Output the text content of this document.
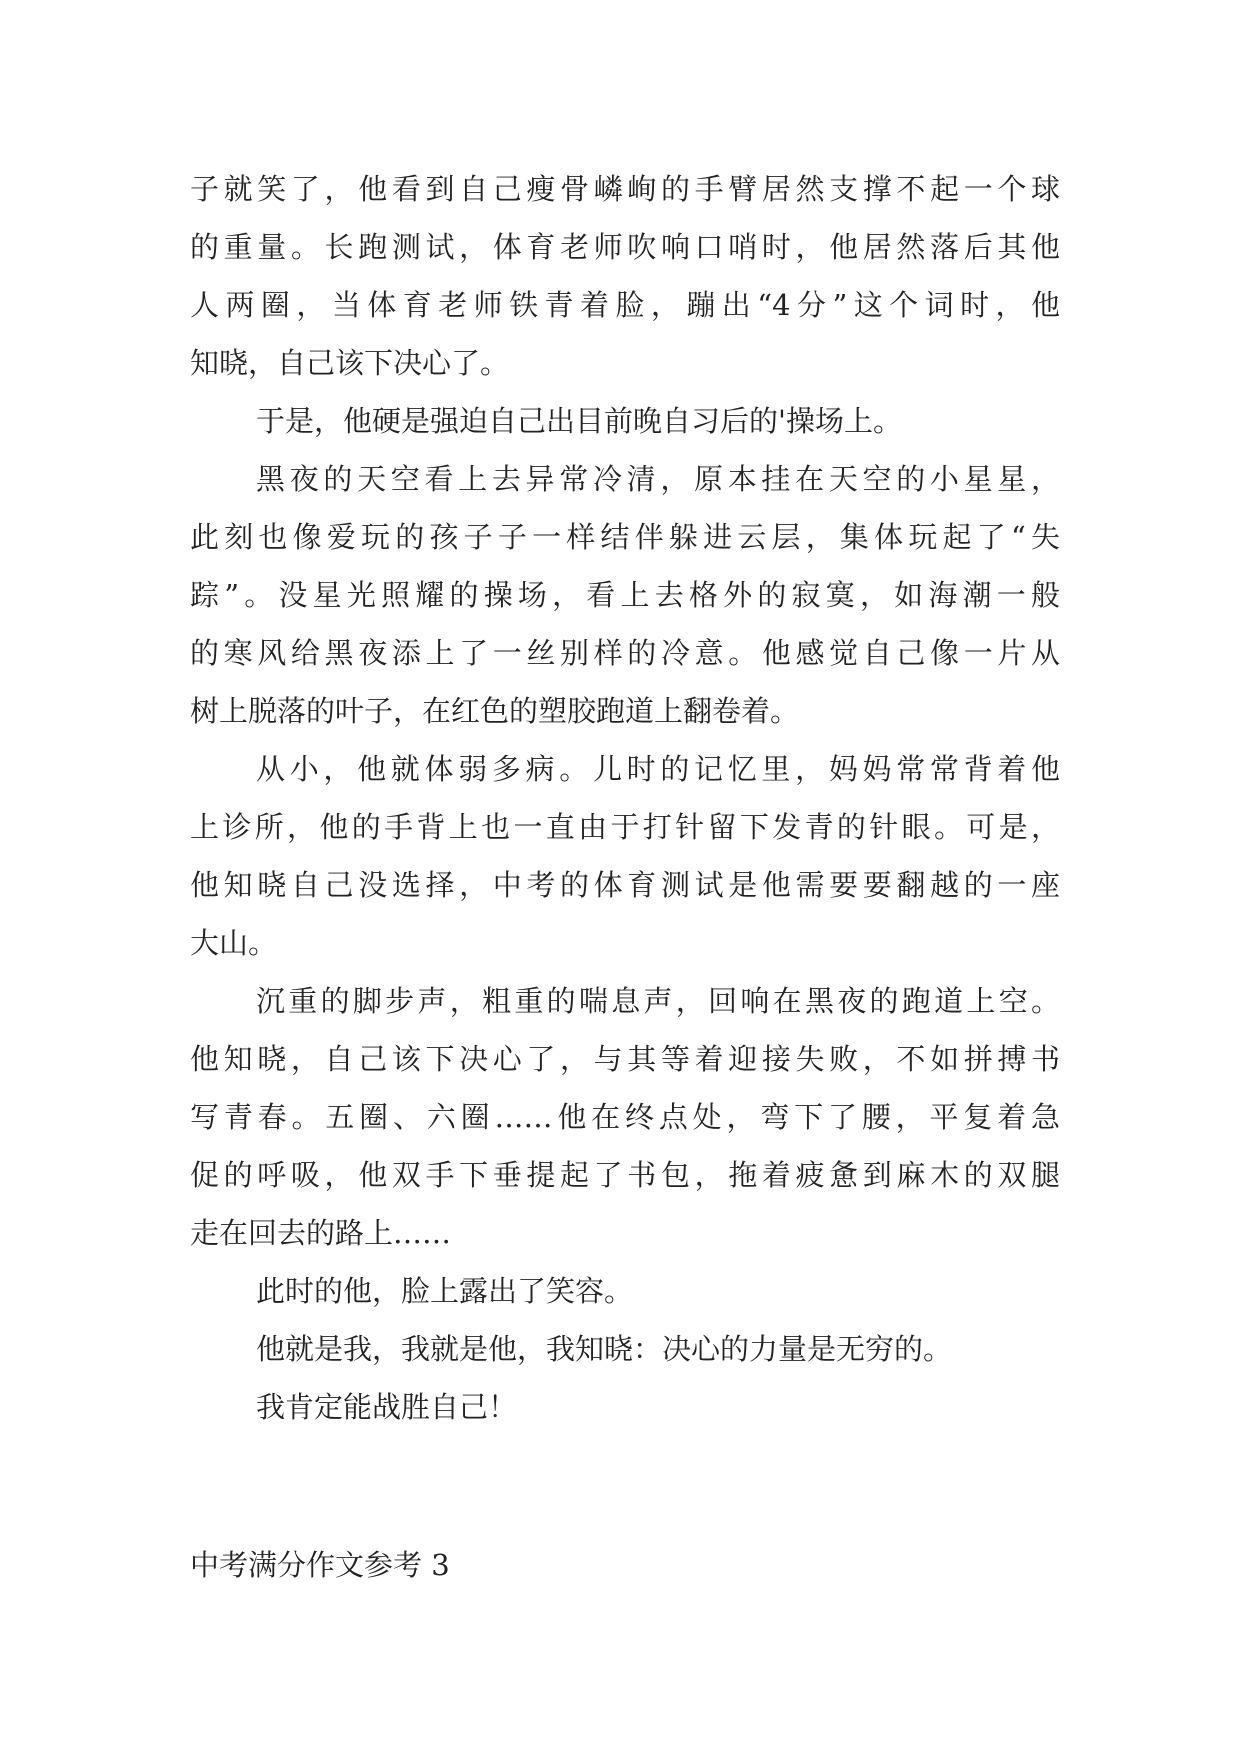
子就笑了，他看到自己瘦骨嶙峋的手臂居然支撑不起一个球
的重量。长跑测试，体育老师吹响口哨时，他居然落后其他
人两圈，当体育老师铁青着脸，蹦出“4分”这个词时，他
知晓，自己该下决心了。
于是，他硬是强迫自己出目前晚自习后的'操场上。
黑夜的天空看上去异常冷清，原本挂在天空的小星星，
此刻也像爱玩的孩子子一样结伴躲进云层，集体玩起了“失
踪”。没星光照耀的操场，看上去格外的寂寞，如海潮一般
的寒风给黑夜添上了一丝别样的冷意。他感觉自己像一片从
树上脱落的叶子，在红色的塑胶跑道上翻卷着。
从小，他就体弱多病。儿时的记忆里，妈妈常常背着他
上诊所，他的手背上也一直由于打针留下发青的针眼。可是，
他知晓自己没选择，中考的体育测试是他需要要翻越的一座
大山。
沉重的脚步声，粗重的喘息声，回响在黑夜的跑道上空。
他知晓，自己该下决心了，与其等着迎接失败，不如拼搏书
写青春。五圈、六圈……他在终点处，弯下了腰，平复着急
促的呼吸，他双手下垂提起了书包，拖着疲惫到麻木的双腿
走在回去的路上……
此时的他，脸上露出了笑容。
他就是我，我就是他，我知晓：决心的力量是无穷的。
我肯定能战胜自己！
中考满分作文参考 3
